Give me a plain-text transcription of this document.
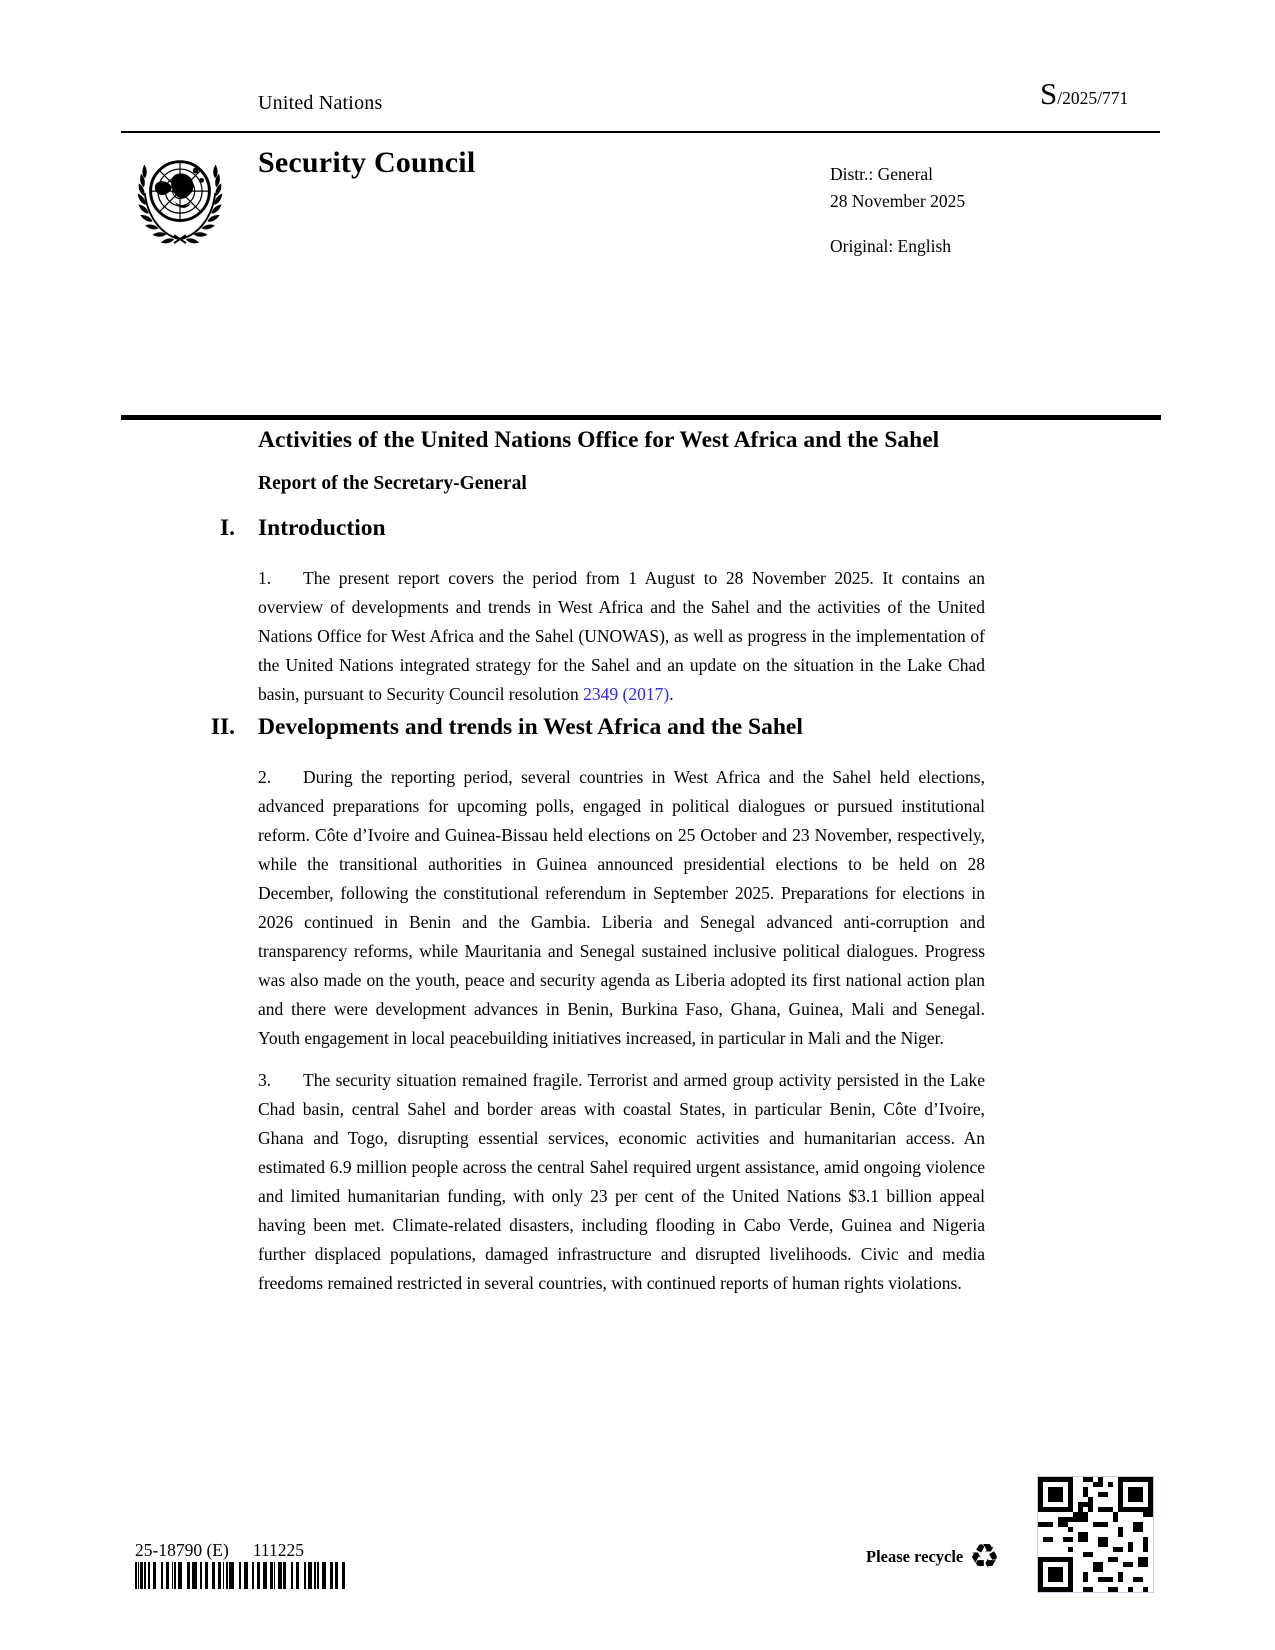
United Nations	S/2025/771
Security Council	Distr.: General
28 November 2025
Original: English
Activities of the United Nations Office for West Africa and the Sahel
Report of the Secretary-General
I. Introduction

1. The present report covers the period from 1 August to 28 November 2025. It contains an overview of developments and trends in West Africa and the Sahel and the activities of the United Nations Office for West Africa and the Sahel (UNOWAS), as well as progress in the implementation of the United Nations integrated strategy for the Sahel and an update on the situation in the Lake Chad basin, pursuant to Security Council resolution 2349 (2017).

II. Developments and trends in West Africa and the Sahel

2. During the reporting period, several countries in West Africa and the Sahel held elections, advanced preparations for upcoming polls, engaged in political dialogues or pursued institutional reform. Côte d’Ivoire and Guinea-Bissau held elections on 25 October and 23 November, respectively, while the transitional authorities in Guinea announced presidential elections to be held on 28 December, following the constitutional referendum in September 2025. Preparations for elections in 2026 continued in Benin and the Gambia. Liberia and Senegal advanced anti-corruption and transparency reforms, while Mauritania and Senegal sustained inclusive political dialogues. Progress was also made on the youth, peace and security agenda as Liberia adopted its first national action plan and there were development advances in Benin, Burkina Faso, Ghana, Guinea, Mali and Senegal. Youth engagement in local peacebuilding initiatives increased, in particular in Mali and the Niger.

3. The security situation remained fragile. Terrorist and armed group activity persisted in the Lake Chad basin, central Sahel and border areas with coastal States, in particular Benin, Côte d’Ivoire, Ghana and Togo, disrupting essential services, economic activities and humanitarian access. An estimated 6.9 million people across the central Sahel required urgent assistance, amid ongoing violence and limited humanitarian funding, with only 23 per cent of the United Nations $3.1 billion appeal having been met. Climate-related disasters, including flooding in Cabo Verde, Guinea and Nigeria further displaced populations, damaged infrastructure and disrupted livelihoods. Civic and media freedoms remained restricted in several countries, with continued reports of human rights violations.

25-18790 (E) 111225	Please recycle ♻
